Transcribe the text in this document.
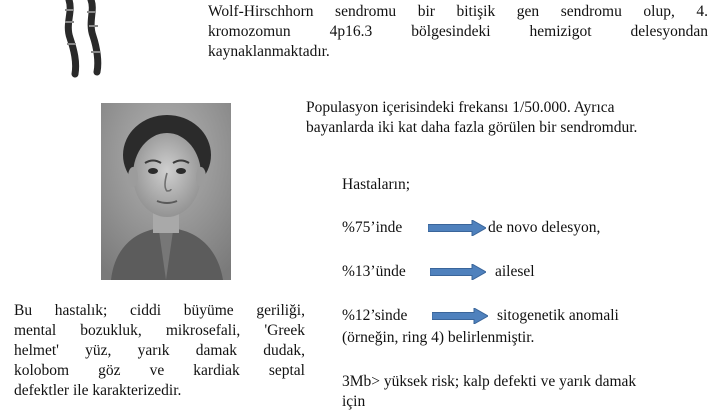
Wolf-Hirschhorn sendromu bir bitişik gen sendromu olup, 4.
kromozomun 4p16.3 bölgesindeki hemizigot delesyondan
kaynaklanmaktadır.
Populasyon içerisindeki frekansı 1/50.000. Ayrıca
bayanlarda iki kat daha fazla görülen bir sendromdur.
Hastaların;
%75’inde	de novo delesyon,
%13’ünde	ailesel
%12’sinde	sitogenetik anomali
(örneğin, ring 4) belirlenmiştir.
3Mb> yüksek risk; kalp defekti ve yarık damak
için
Bu hastalık; ciddi büyüme geriliği,
mental bozukluk, mikrosefali, 'Greek
helmet' yüz, yarık damak dudak,
kolobom göz ve kardiak septal
defektler ile karakterizedir.
